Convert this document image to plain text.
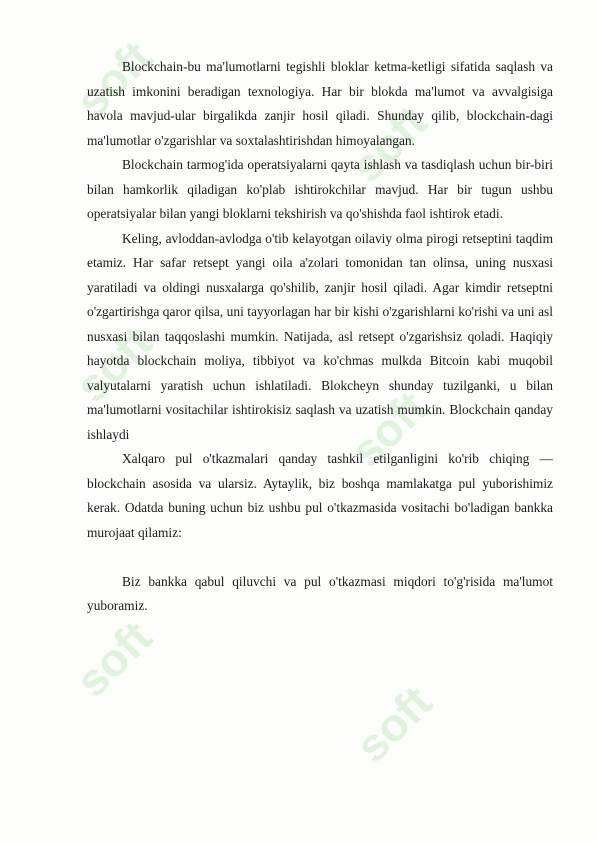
soft
soft
soft
soft
soft
soft

Blockchain-bu ma'lumotlarni tegishli bloklar ketma-ketligi sifatida saqlash va uzatish imkonini beradigan texnologiya. Har bir blokda ma'lumot va avvalgisiga havola mavjud-ular birgalikda zanjir hosil qiladi. Shunday qilib, blockchain-dagi ma'lumotlar o'zgarishlar va soxtalashtirishdan himoyalangan.

Blockchain tarmog'ida operatsiyalarni qayta ishlash va tasdiqlash uchun bir-biri bilan hamkorlik qiladigan ko'plab ishtirokchilar mavjud. Har bir tugun ushbu operatsiyalar bilan yangi bloklarni tekshirish va qo'shishda faol ishtirok etadi.

Keling, avloddan-avlodga o'tib kelayotgan oilaviy olma pirogi retseptini taqdim etamiz. Har safar retsept yangi oila a'zolari tomonidan tan olinsa, uning nusxasi yaratiladi va oldingi nusxalarga qo'shilib, zanjir hosil qiladi. Agar kimdir retseptni o'zgartirishga qaror qilsa, uni tayyorlagan har bir kishi o'zgarishlarni ko'rishi va uni asl nusxasi bilan taqqoslashi mumkin. Natijada, asl retsept o'zgarishsiz qoladi. Haqiqiy hayotda blockchain moliya, tibbiyot va ko'chmas mulkda Bitcoin kabi muqobil valyutalarni yaratish uchun ishlatiladi. Blokcheyn shunday tuzilganki, u bilan ma'lumotlarni vositachilar ishtirokisiz saqlash va uzatish mumkin. Blockchain qanday ishlaydi

Xalqaro pul o'tkazmalari qanday tashkil etilganligini ko'rib chiqing — blockchain asosida va ularsiz. Aytaylik, biz boshqa mamlakatga pul yuborishimiz kerak. Odatda buning uchun biz ushbu pul o'tkazmasida vositachi bo'ladigan bankka murojaat qilamiz:

Biz bankka qabul qiluvchi va pul o'tkazmasi miqdori to'g'risida ma'lumot yuboramiz.
